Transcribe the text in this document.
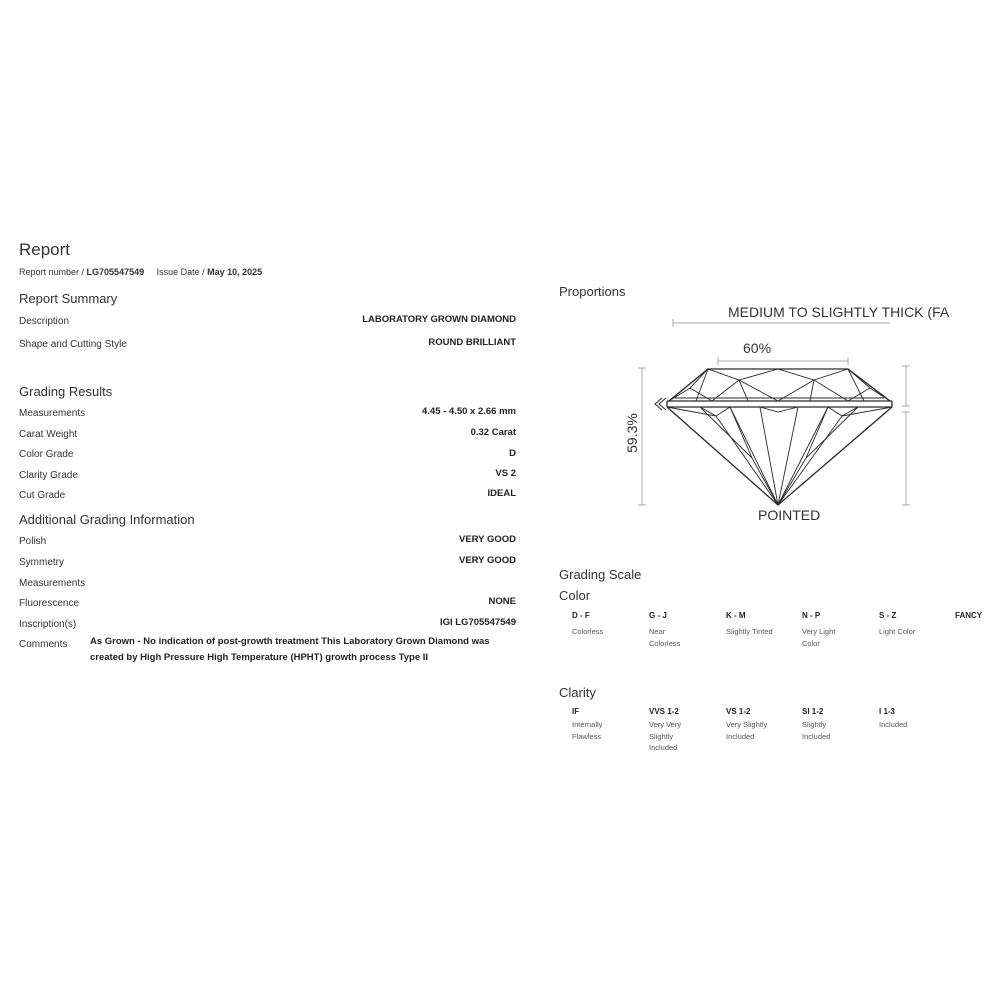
Report
Report number / LG705547549 Issue Date / May 10, 2025
Report Summary
Description	LABORATORY GROWN DIAMOND
Shape and Cutting Style	ROUND BRILLIANT
Grading Results
Measurements	4.45 - 4.50 x 2.66 mm
Carat Weight	0.32 Carat
Color Grade	D
Clarity Grade	VS 2
Cut Grade	IDEAL
Additional Grading Information
Polish	VERY GOOD
Symmetry	VERY GOOD
Measurements
Fluorescence	NONE
Inscription(s)	IGI LG705547549
Comments As Grown - No indication of post-growth treatment This Laboratory Grown Diamond was created by High Pressure High Temperature (HPHT) growth process Type II
Proportions
MEDIUM TO SLIGHTLY THICK (FA
60%
59.3%
POINTED
Grading Scale
Color
D - F
Colorless
G - J
Near Colorless
K - M
Slightly Tinted
N - P
Very Light Color
S - Z
Light Color
FANCY
Clarity
IF
Internally Flawless
VVS 1-2
Very Very Slightly Included
VS 1-2
Very Slightly Included
SI 1-2
Slightly Included
I 1-3
Included
